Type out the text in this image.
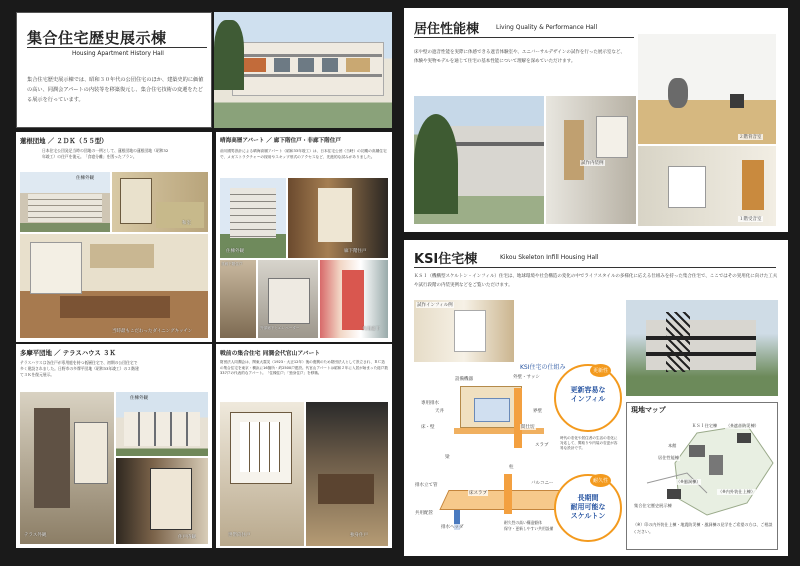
集合住宅歴史展示棟
Housing Apartment History Hall
集合住宅歴史展示棟では、昭和３０年代の公団住宅のほか、建築史的に価値の高い、同潤会アパートの内装等を移築復元し、集合住宅技術の変遷をたどる展示を行っています。
蓮根団地 ／ ２ＤＫ（５５型）
日本住宅公団発足当時の団地の一例として、蓮根団地の蓮根団地（昭和32年竣工）の住戸を復元。「食寝分離」を図ったプラン。
住棟外観
和室
当時最もこだわったダイニングキッチン
晴海高層アパート ／ 廊下階住戸・非廊下階住戸
前川國男設計による晴海高層アパート（昭和33年竣工）は、日本住宅公団（当時）の初期の高層住宅で、メガストラクチャーの採用やスキップ形式のアクセスなど、先進的な試みがありました。
住棟外観	廊下階住戸
非廊下階住戸
外部廊下とエレベーター	共用廊下
多摩平団地 ／ テラスハウス ３Ｋ
テラスハウスは各住戸が専用庭を持つ低層住宅で、初期の公団住宅で多く建設されました。日野市の多摩平団地（昭和33年竣工）の２階建て３Ｋを復元展示。
住棟外観
テラス外観	住戸内観
戦前の集合住宅 同潤会代官山アパート
財団法人同潤会は、関東大震災（1923・大正12年）後の復興のため財団法人として設立され、ＲＣ造の集合住宅を東京・横浜に16箇所・約2500戸建設。代官山アパートは昭和２年に入居が始まった総戸数337戸の代表的なアパート。「住棟住戸」「独身住戸」を移築。
世帯向住戸	独身住戸
居住性能棟	Living Quality & Performance Hall
床や壁の遮音性能を実際に体感できる遮音体験室や、ユニバーサルデザインの試作を行った展示室など、体験や実物モデルを通じて住宅の基本性能について理解を深めていただけます。
２階背音室
試作内装例
１階受音室
KSI住宅棟	Kikou Skeleton Infill Housing Hall
ＫＳＩ（機構型スケルトン・インフィル）住宅は、地球環境や社会構造の変化の中でライフスタイルの多様化に応える仕組みを持った集合住宅で、ここではその実用化に向けた工夫や試行段階の内装実例などをご覧いただけます。
試作インフィル例
KSI住宅の仕組み
設備機器	外壁・サッシ
専用排水
天井	界壁
床・壁	間仕切
スラブ
梁
柱
バルコニー
床スラブ
排水立て管
共用配管
排水ヘッダ
耐久性の高い構造躯体
保守・更新しやすい共用設備
更新性
更新容易な
インフィル
時代の変化や居住者の生活の変化に対応して、間取りや内装の変更が容易な設計です。
耐久性
長期間
耐用可能な
スケルトン
現地マップ
ＫＳＩ住宅棟 （※遮音防災棟）
本館
居住性能棟
（※風洞棟）
（※内外装仕上棟）
集合住宅歴史展示棟
（※）印の内外装仕上棟・地震防災棟・風洞棟の見学をご希望の方は、ご相談ください。
